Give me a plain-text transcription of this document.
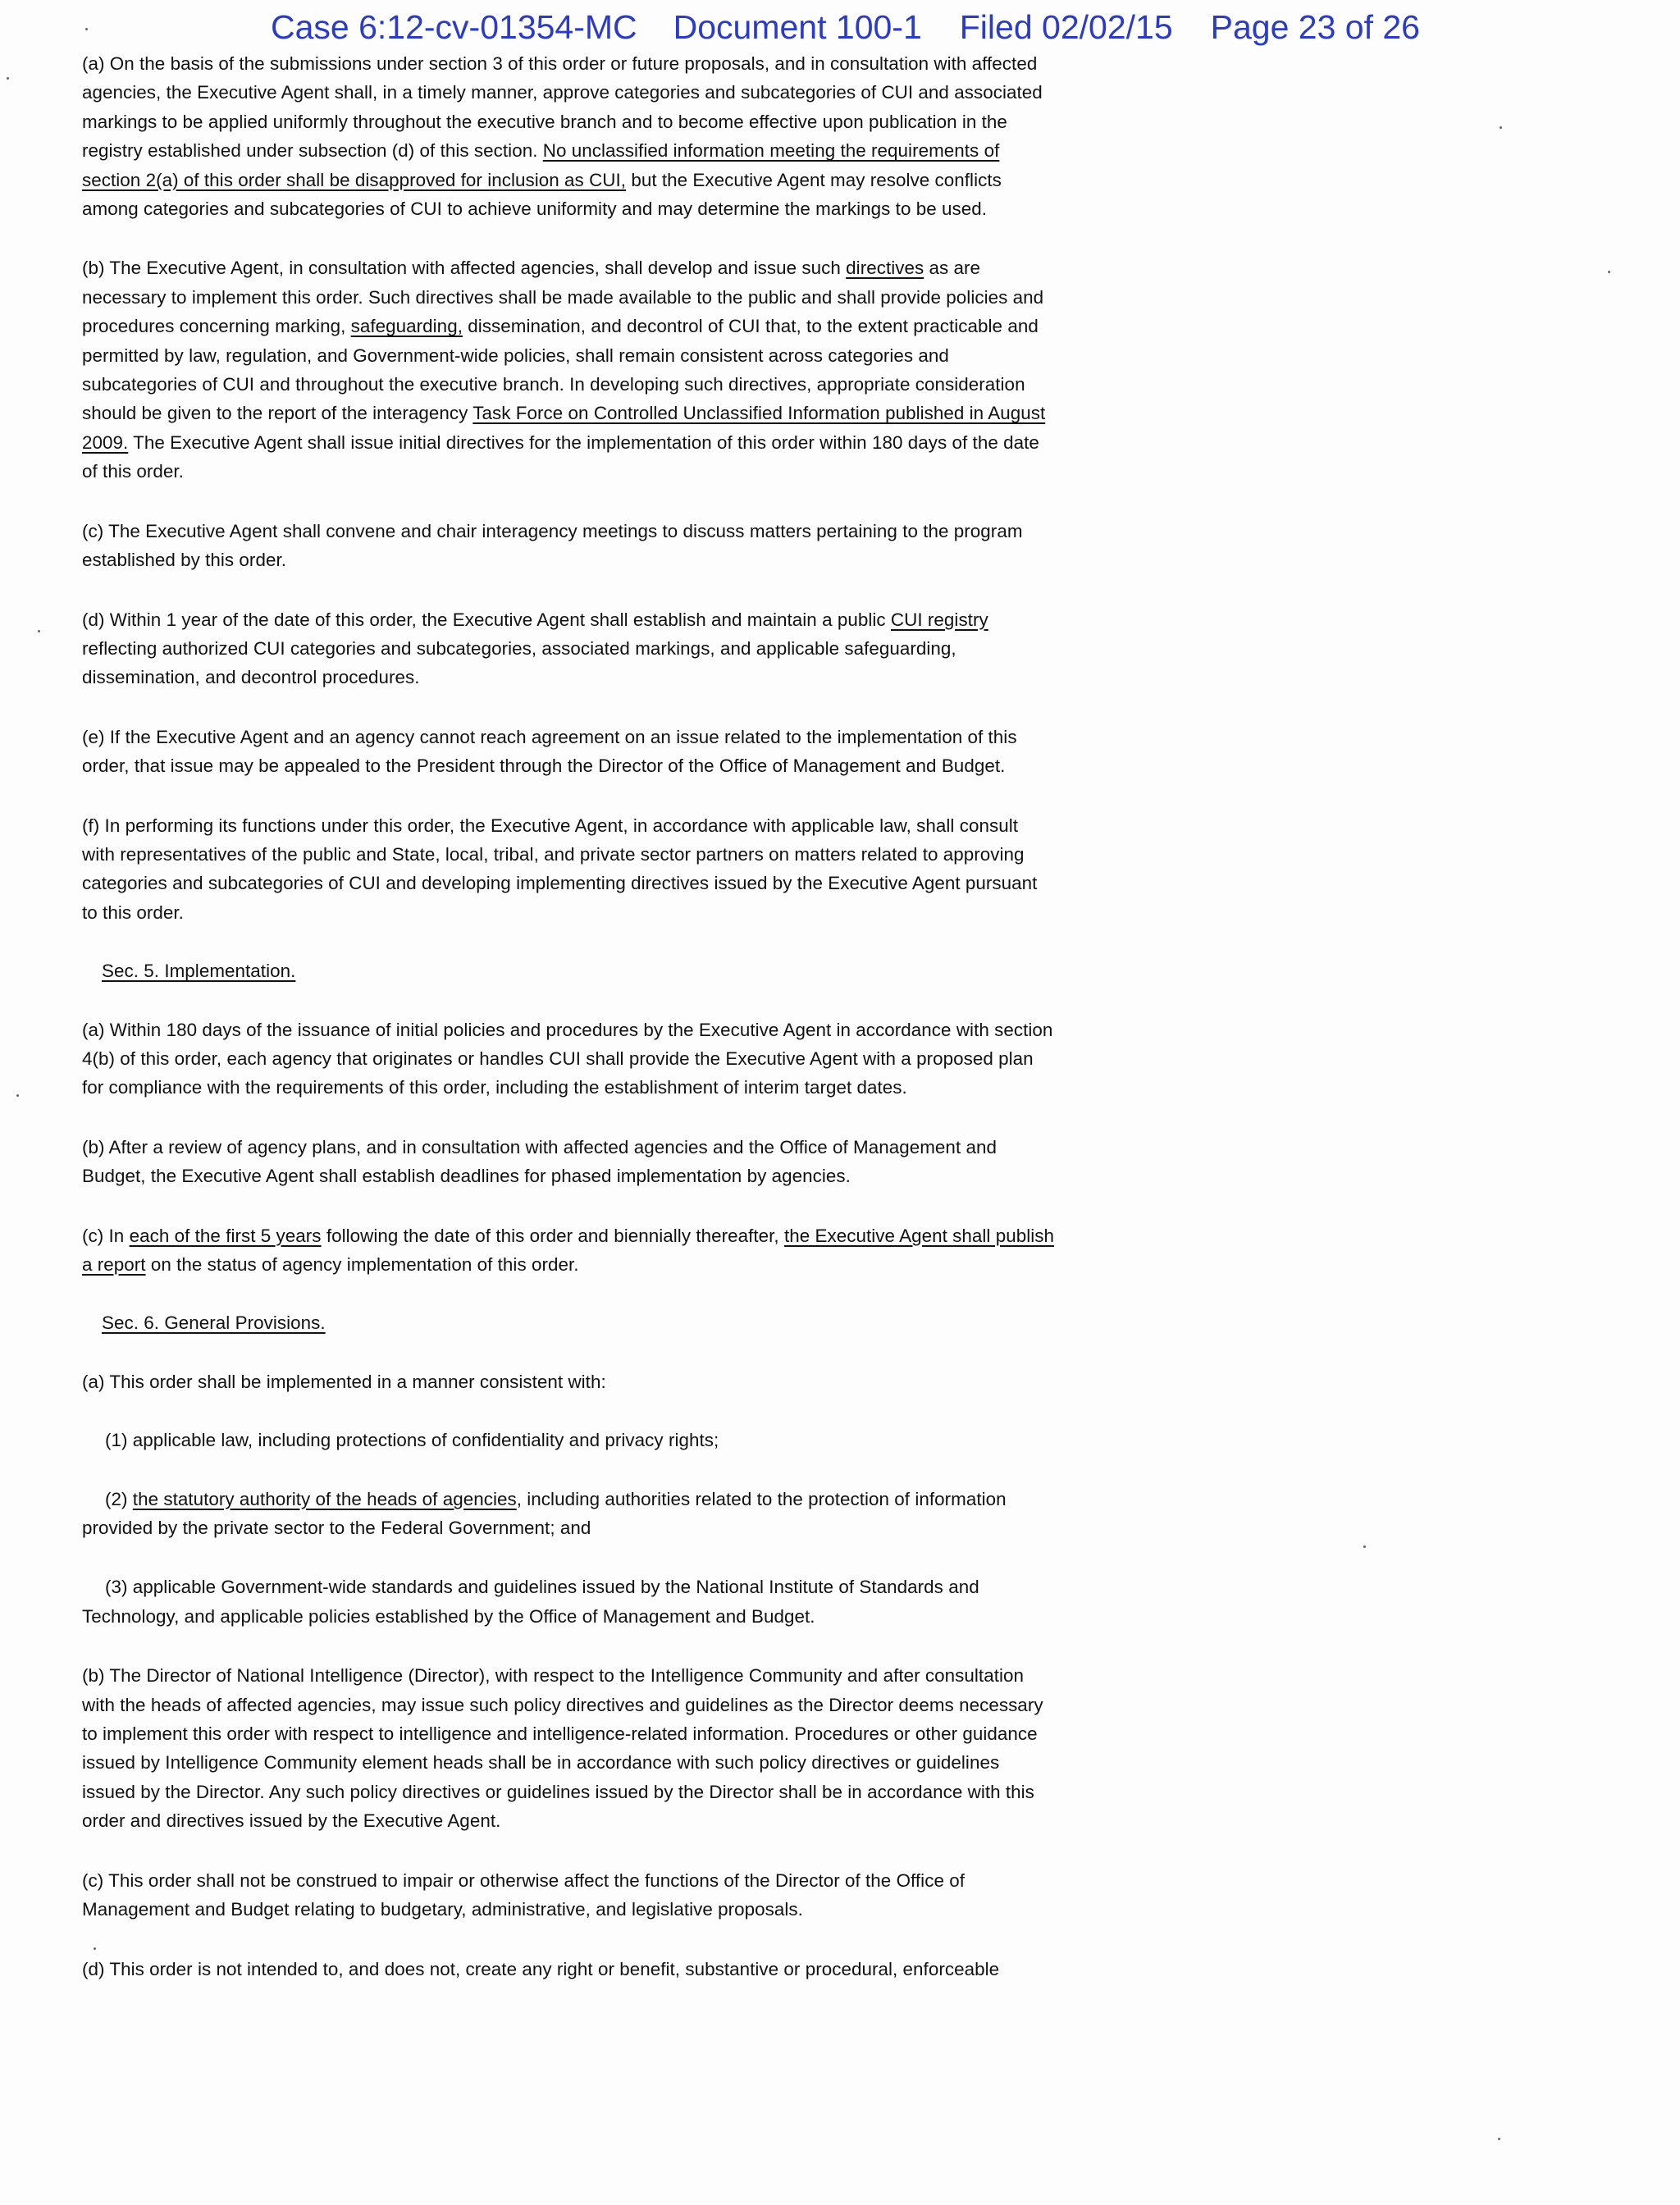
Case 6:12-cv-01354-MC Document 100-1 Filed 02/02/15 Page 23 of 26

(a) On the basis of the submissions under section 3 of this order or future proposals, and in consultation with affected agencies, the Executive Agent shall, in a timely manner, approve categories and subcategories of CUI and associated markings to be applied uniformly throughout the executive branch and to become effective upon publication in the registry established under subsection (d) of this section. No unclassified information meeting the requirements of section 2(a) of this order shall be disapproved for inclusion as CUI, but the Executive Agent may resolve conflicts among categories and subcategories of CUI to achieve uniformity and may determine the markings to be used.

(b) The Executive Agent, in consultation with affected agencies, shall develop and issue such directives as are necessary to implement this order. Such directives shall be made available to the public and shall provide policies and procedures concerning marking, safeguarding, dissemination, and decontrol of CUI that, to the extent practicable and permitted by law, regulation, and Government-wide policies, shall remain consistent across categories and subcategories of CUI and throughout the executive branch. In developing such directives, appropriate consideration should be given to the report of the interagency Task Force on Controlled Unclassified Information published in August 2009. The Executive Agent shall issue initial directives for the implementation of this order within 180 days of the date of this order.

(c) The Executive Agent shall convene and chair interagency meetings to discuss matters pertaining to the program established by this order.

(d) Within 1 year of the date of this order, the Executive Agent shall establish and maintain a public CUI registry reflecting authorized CUI categories and subcategories, associated markings, and applicable safeguarding, dissemination, and decontrol procedures.

(e) If the Executive Agent and an agency cannot reach agreement on an issue related to the implementation of this order, that issue may be appealed to the President through the Director of the Office of Management and Budget.

(f) In performing its functions under this order, the Executive Agent, in accordance with applicable law, shall consult with representatives of the public and State, local, tribal, and private sector partners on matters related to approving categories and subcategories of CUI and developing implementing directives issued by the Executive Agent pursuant to this order.

Sec. 5. Implementation.

(a) Within 180 days of the issuance of initial policies and procedures by the Executive Agent in accordance with section 4(b) of this order, each agency that originates or handles CUI shall provide the Executive Agent with a proposed plan for compliance with the requirements of this order, including the establishment of interim target dates.

(b) After a review of agency plans, and in consultation with affected agencies and the Office of Management and Budget, the Executive Agent shall establish deadlines for phased implementation by agencies.

(c) In each of the first 5 years following the date of this order and biennially thereafter, the Executive Agent shall publish a report on the status of agency implementation of this order.

Sec. 6. General Provisions.

(a) This order shall be implemented in a manner consistent with:

(1) applicable law, including protections of confidentiality and privacy rights;

(2) the statutory authority of the heads of agencies, including authorities related to the protection of information provided by the private sector to the Federal Government; and

(3) applicable Government-wide standards and guidelines issued by the National Institute of Standards and Technology, and applicable policies established by the Office of Management and Budget.

(b) The Director of National Intelligence (Director), with respect to the Intelligence Community and after consultation with the heads of affected agencies, may issue such policy directives and guidelines as the Director deems necessary to implement this order with respect to intelligence and intelligence-related information. Procedures or other guidance issued by Intelligence Community element heads shall be in accordance with such policy directives or guidelines issued by the Director. Any such policy directives or guidelines issued by the Director shall be in accordance with this order and directives issued by the Executive Agent.

(c) This order shall not be construed to impair or otherwise affect the functions of the Director of the Office of Management and Budget relating to budgetary, administrative, and legislative proposals.

(d) This order is not intended to, and does not, create any right or benefit, substantive or procedural, enforceable
